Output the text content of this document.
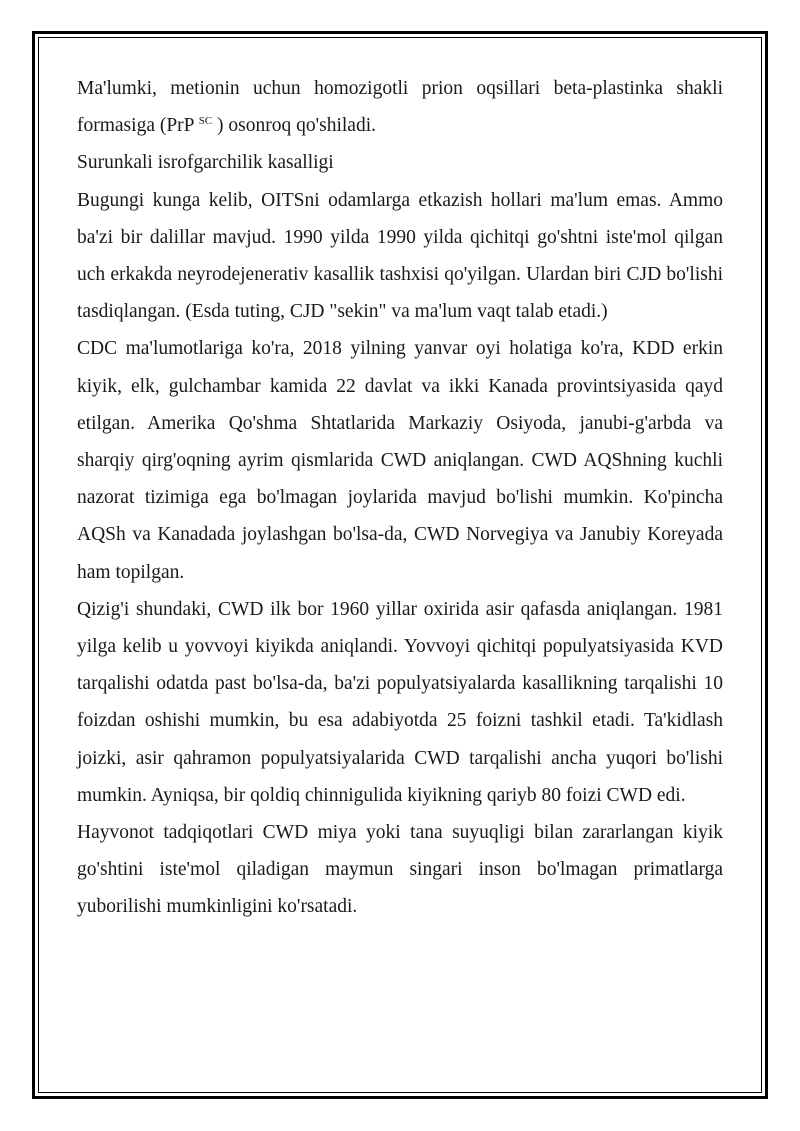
Ma'lumki, metionin uchun homozigotli prion oqsillari beta-plastinka shakli formasiga (PrP $^{SC}$ ) osonroq qo'shiladi.

Surunkali isrofgarchilik kasalligi

Bugungi kunga kelib, OITSni odamlarga etkazish hollari ma'lum emas. Ammo ba'zi bir dalillar mavjud. 1990 yilda 1990 yilda qichitqi go'shtni iste'mol qilgan uch erkakda neyrodejenerativ kasallik tashxisi qo'yilgan. Ulardan biri CJD bo'lishi tasdiqlangan. (Esda tuting, CJD "sekin" va ma'lum vaqt talab etadi.)

CDC ma'lumotlariga ko'ra, 2018 yilning yanvar oyi holatiga ko'ra, KDD erkin kiyik, elk, gulchambar kamida 22 davlat va ikki Kanada provintsiyasida qayd etilgan. Amerika Qo'shma Shtatlarida Markaziy Osiyoda, janubi-g'arbda va sharqiy qirg'oqning ayrim qismlarida CWD aniqlangan. CWD AQShning kuchli nazorat tizimiga ega bo'lmagan joylarida mavjud bo'lishi mumkin. Ko'pincha AQSh va Kanadada joylashgan bo'lsa-da, CWD Norvegiya va Janubiy Koreyada ham topilgan.

Qizig'i shundaki, CWD ilk bor 1960 yillar oxirida asir qafasda aniqlangan. 1981 yilga kelib u yovvoyi kiyikda aniqlandi. Yovvoyi qichitqi populyatsiyasida KVD tarqalishi odatda past bo'lsa-da, ba'zi populyatsiyalarda kasallikning tarqalishi 10 foizdan oshishi mumkin, bu esa adabiyotda 25 foizni tashkil etadi. Ta'kidlash joizki, asir qahramon populyatsiyalarida CWD tarqalishi ancha yuqori bo'lishi mumkin. Ayniqsa, bir qoldiq chinnigulida kiyikning qariyb 80 foizi CWD edi.

Hayvonot tadqiqotlari CWD miya yoki tana suyuqligi bilan zararlangan kiyik go'shtini iste'mol qiladigan maymun singari inson bo'lmagan primatlarga yuborilishi mumkinligini ko'rsatadi.
